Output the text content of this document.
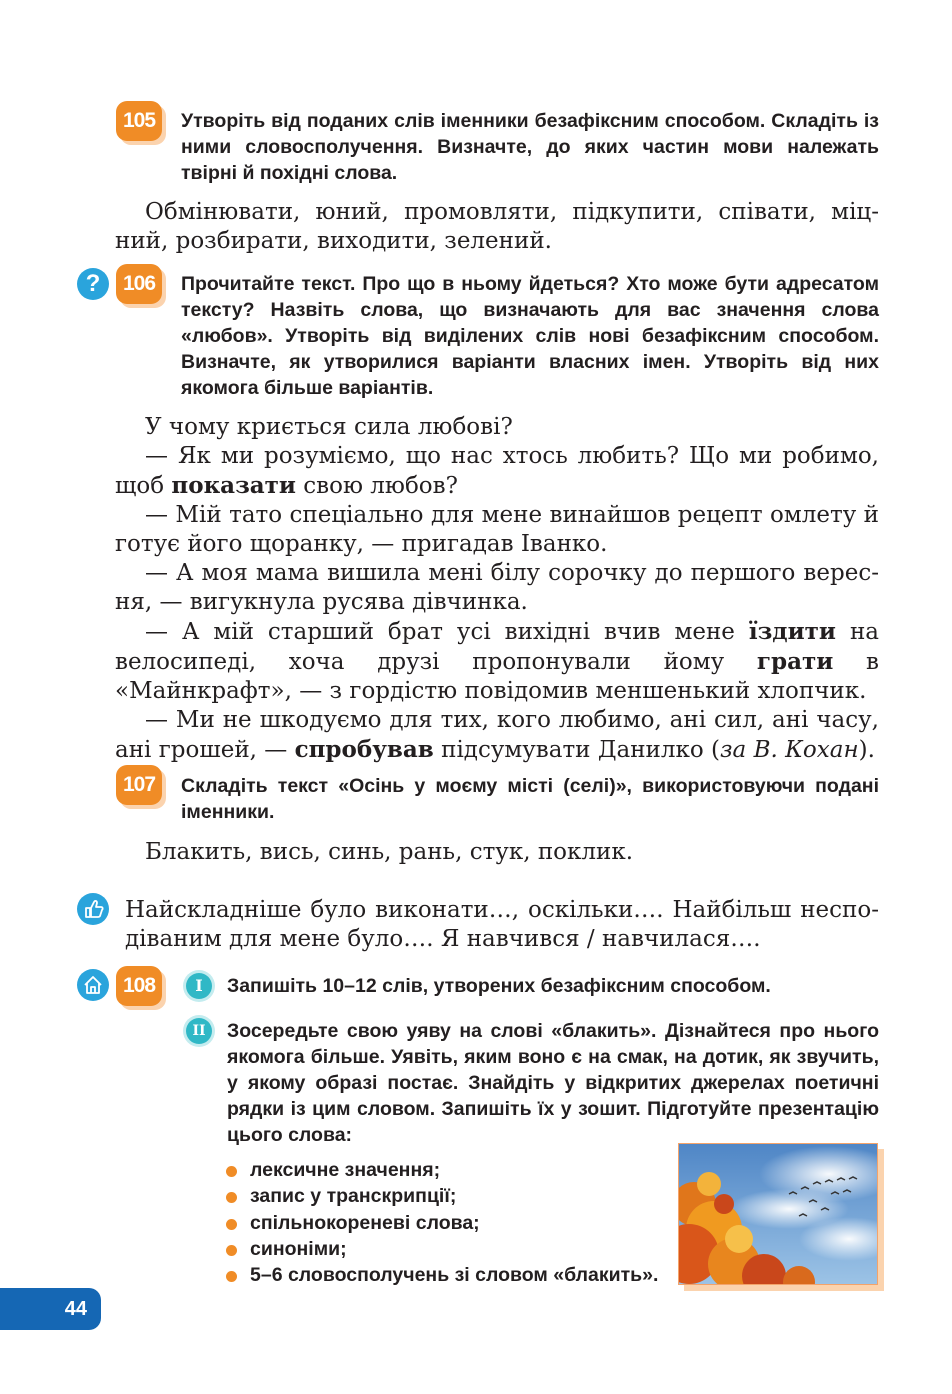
105	Утворіть від поданих слів іменники безафіксним способом. Складіть із ними словосполучення. Визначте, до яких частин мови належать твірні й похідні слова.

Обмінювати, юний, промовляти, підкупити, співати, міцний, розбирати, виходити, зелений.

?	106	Прочитайте текст. Про що в ньому йдеться? Хто може бути адресатом тексту? Назвіть слова, що визначають для вас значення слова «любов». Утворіть від виділених слів нові безафіксним способом. Визначте, як утворилися варіанти власних імен. Утворіть від них якомога більше варіантів.

У чому криється сила любові?

— Як ми розуміємо, що нас хтось любить? Що ми робимо, щоб показати свою любов?

— Мій тато спеціально для мене винайшов рецепт омлету й готує його щоранку, — пригадав Іванко.

— А моя мама вишила мені білу сорочку до першого вересня, — вигукнула русява дівчинка.

— А мій старший брат усі вихідні вчив мене їздити на велосипеді, хоча друзі пропонували йому грати в «Майнкрафт», — з гордістю повідомив меншенький хлопчик.

— Ми не шкодуємо для тих, кого любимо, ані сил, ані часу, ані грошей, — спробував підсумувати Данилко (за В. Кохан).

107	Складіть текст «Осінь у моєму місті (селі)», використовуючи подані іменники.

Блакить, вись, синь, рань, стук, поклик.

Найскладніше було виконати…, оскільки…. Найбільш несподіваним для мене було…. Я навчився / навчилася….

108	I	Запишіть 10–12 слів, утворених безафіксним способом.
II	Зосередьте свою уяву на слові «блакить». Дізнайтеся про нього якомога більше. Уявіть, яким воно є на смак, на дотик, як звучить, у якому образі постає. Знайдіть у відкритих джерелах поетичні рядки із цим словом. Запишіть їх у зошит. Підготуйте презентацію цього слова:
лексичне значення;
запис у транскрипції;
спільнокореневі слова;
синоніми;
5–6 словосполучень зі словом «блакить».
44
